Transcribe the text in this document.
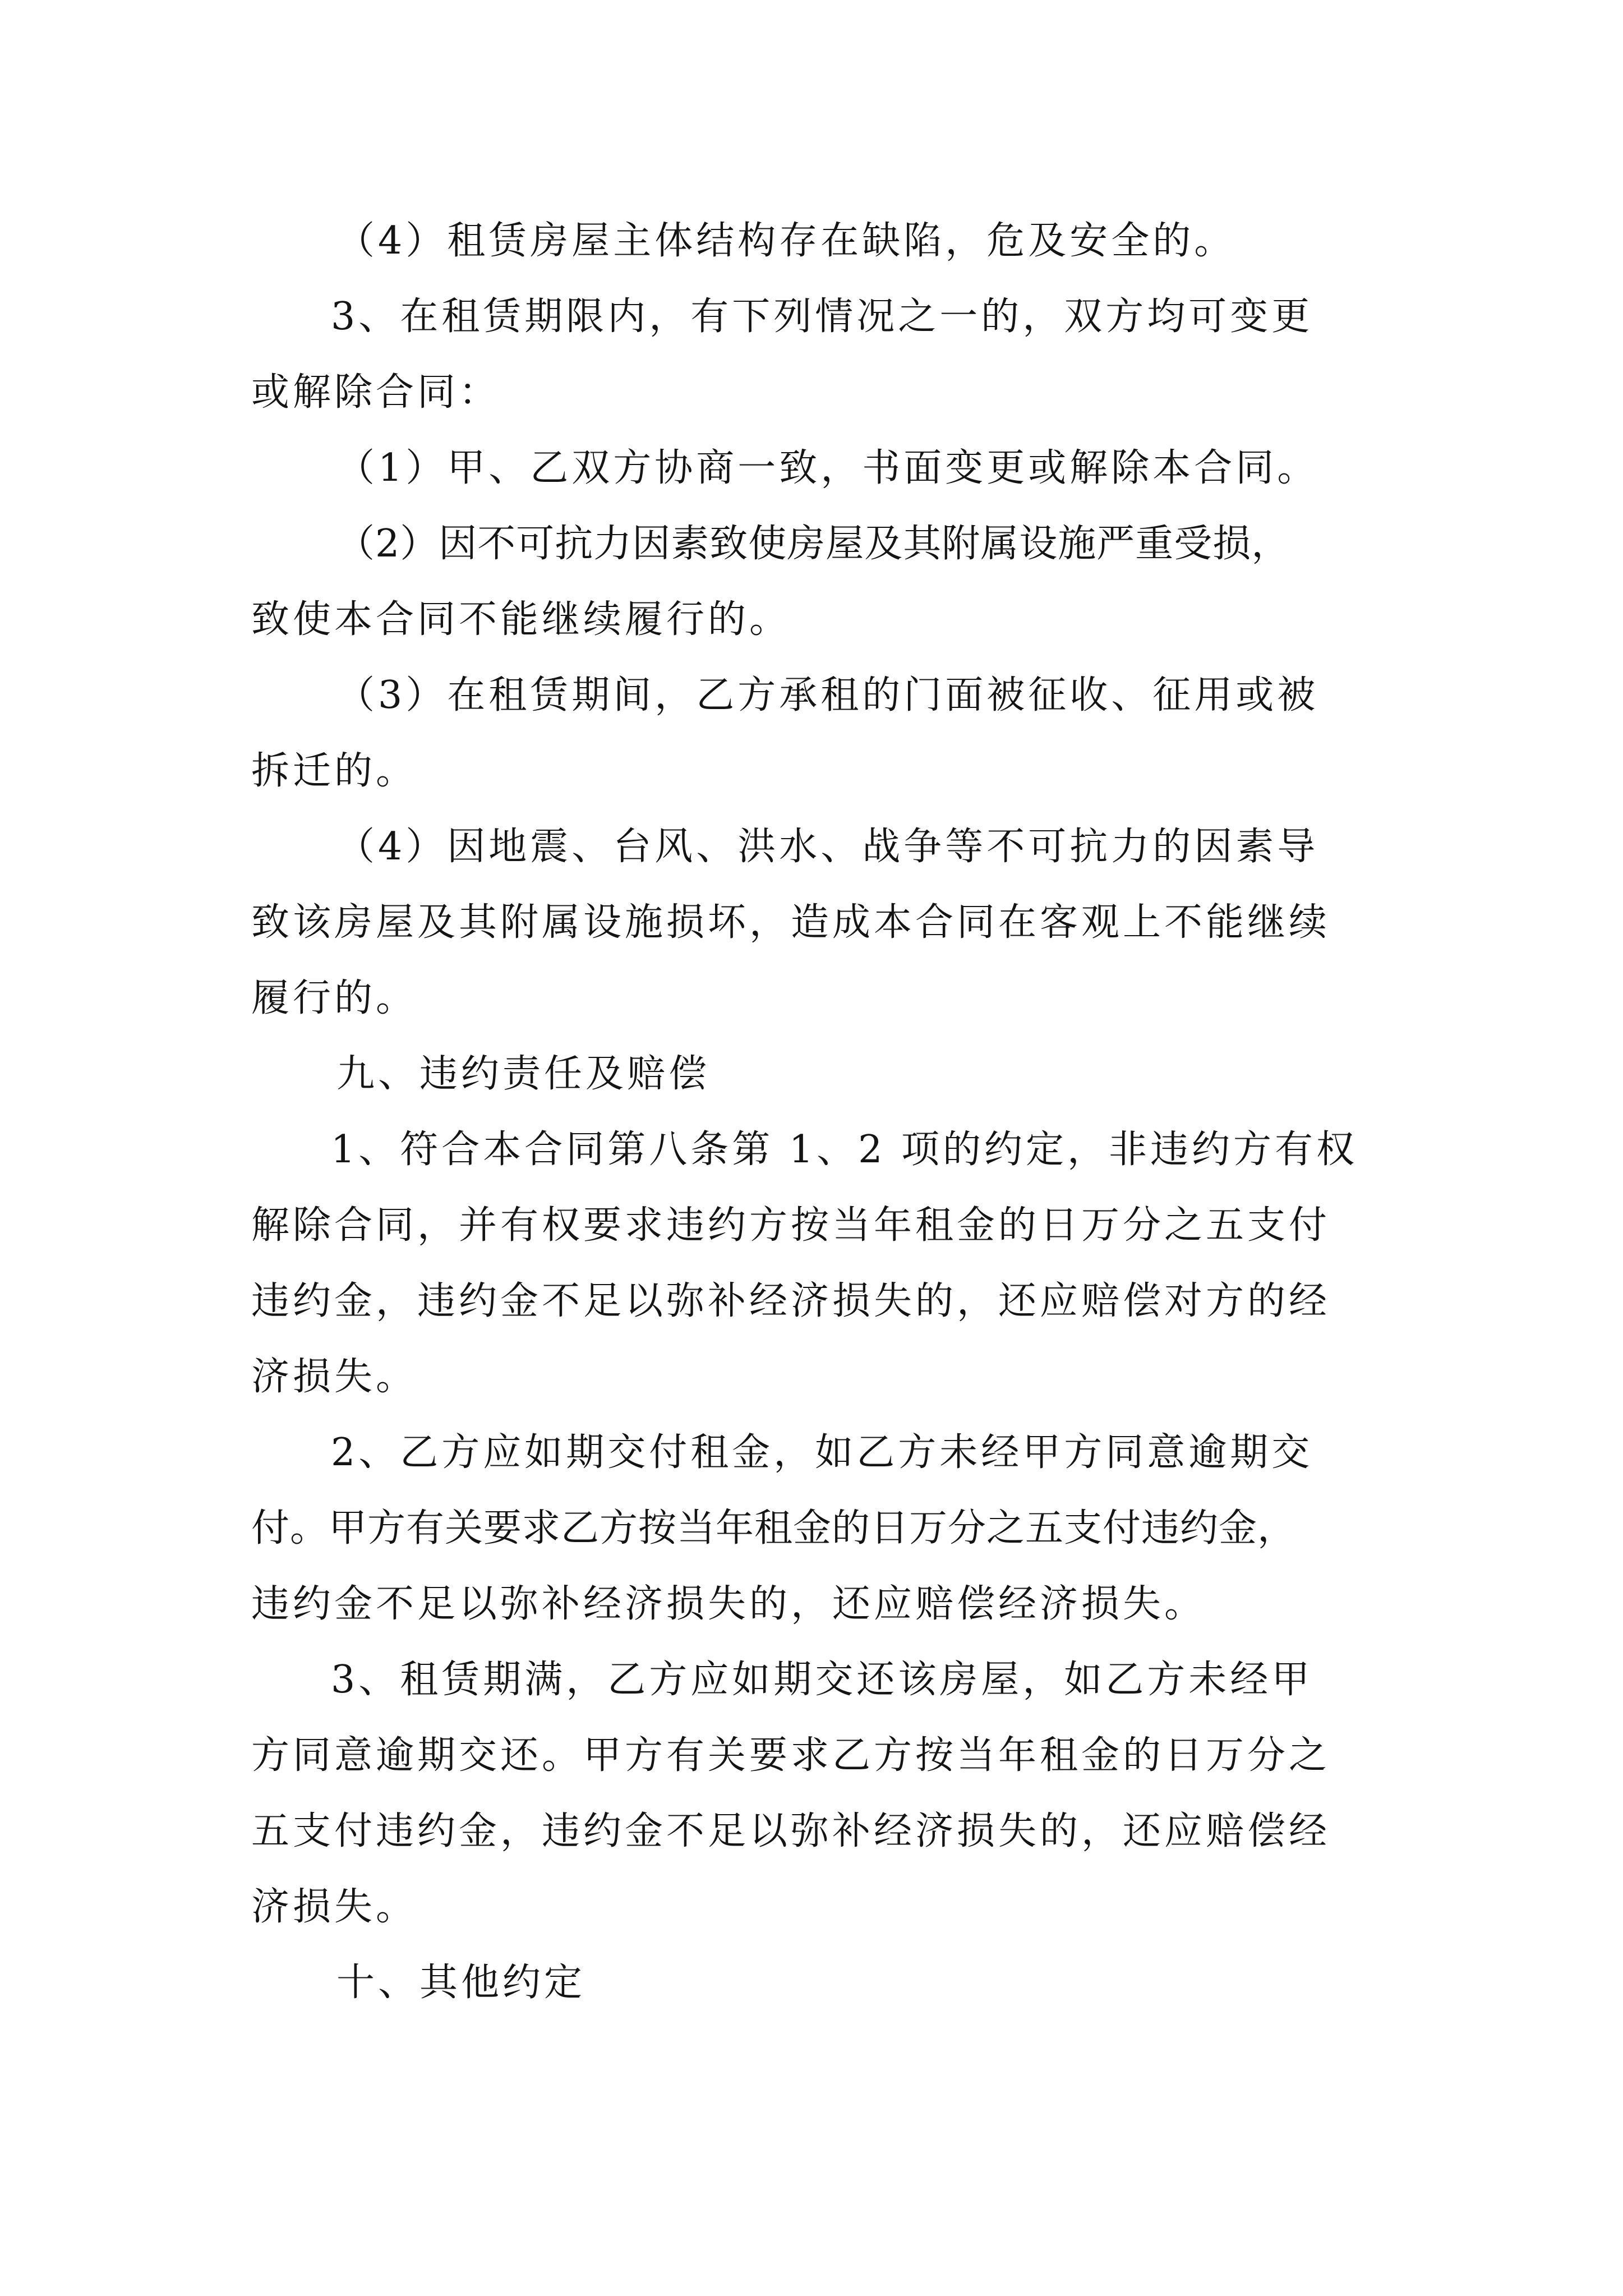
（4）租赁房屋主体结构存在缺陷，危及安全的。
3、在租赁期限内，有下列情况之一的，双方均可变更
或解除合同：
（1）甲、乙双方协商一致，书面变更或解除本合同。
（2）因不可抗力因素致使房屋及其附属设施严重受损，
致使本合同不能继续履行的。
（3）在租赁期间，乙方承租的门面被征收、征用或被
拆迁的。
（4）因地震、台风、洪水、战争等不可抗力的因素导
致该房屋及其附属设施损坏，造成本合同在客观上不能继续
履行的。
九、违约责任及赔偿
1、符合本合同第八条第 1、2 项的约定，非违约方有权
解除合同，并有权要求违约方按当年租金的日万分之五支付
违约金，违约金不足以弥补经济损失的，还应赔偿对方的经
济损失。
2、乙方应如期交付租金，如乙方未经甲方同意逾期交
付。甲方有关要求乙方按当年租金的日万分之五支付违约金，
违约金不足以弥补经济损失的，还应赔偿经济损失。
3、租赁期满，乙方应如期交还该房屋，如乙方未经甲
方同意逾期交还。甲方有关要求乙方按当年租金的日万分之
五支付违约金，违约金不足以弥补经济损失的，还应赔偿经
济损失。
十、其他约定
